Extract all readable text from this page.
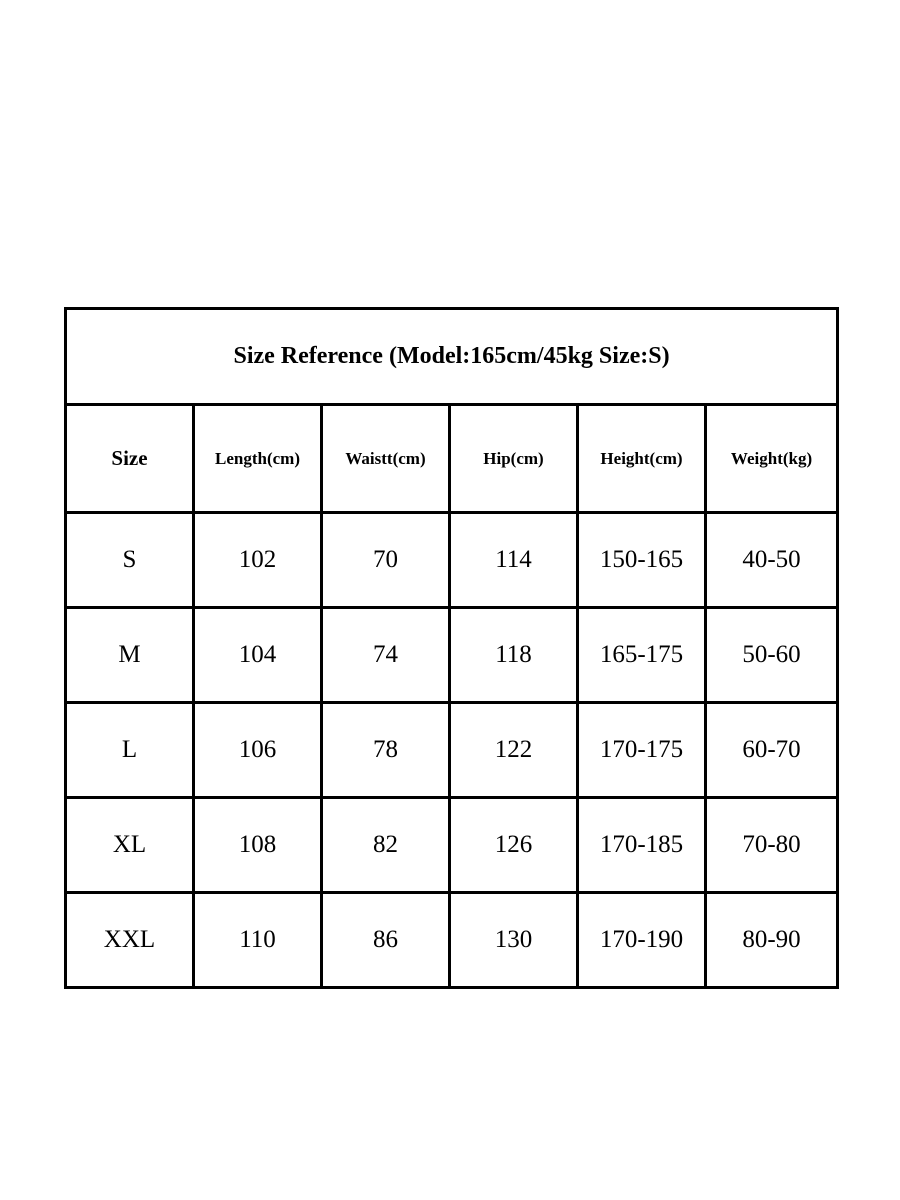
Size Reference (Model:165cm/45kg Size:S)					
Size	Length(cm)	Waistt(cm)	Hip(cm)	Height(cm)	Weight(kg)
S	102	70	114	150-165	40-50
M	104	74	118	165-175	50-60
L	106	78	122	170-175	60-70
XL	108	82	126	170-185	70-80
XXL	110	86	130	170-190	80-90
